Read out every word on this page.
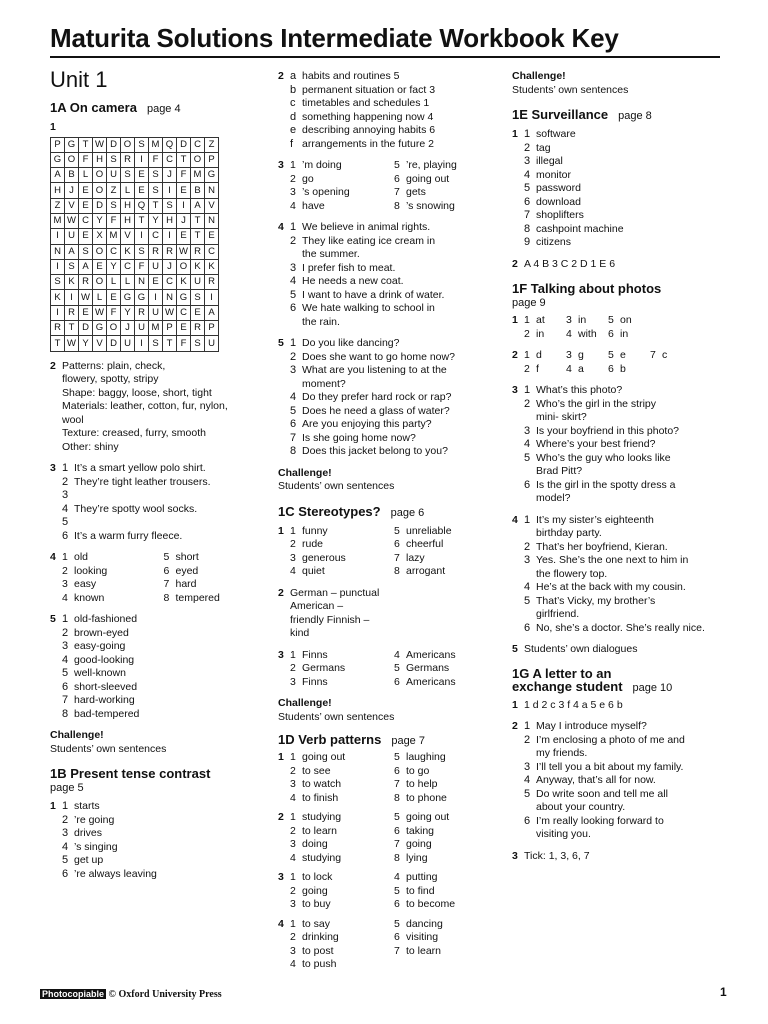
Maturita Solutions Intermediate Workbook Key
Unit 1
1A On camera page 4
1
P	G	T	W	D	O	S	M	Q	D	C	Z
G	O	F	H	S	R	I	F	C	T	O	P
A	B	L	O	U	S	E	S	J	F	M	G
H	J	E	O	Z	L	E	S	I	E	B	N
Z	V	E	D	S	H	Q	T	S	I	A	V
M	W	C	Y	F	H	T	Y	H	J	T	N
I	U	E	X	M	V	I	C	I	E	T	E
N	A	S	O	C	K	S	R	R	W	R	C
I	S	A	E	Y	C	F	U	J	O	K	K
S	K	R	O	L	L	N	E	C	K	U	R
K	I	W	L	E	G	G	I	N	G	S	I
I	R	E	W	F	Y	R	U	W	C	E	A
R	T	D	G	O	J	U	M	P	E	R	P
T	W	Y	V	D	U	I	S	T	F	S	U
2 Patterns: plain, check,
flowery, spotty, stripy
Shape: baggy, loose, short, tight
Materials: leather, cotton, fur, nylon,
wool
Texture: creased, furry, smooth
Other: shiny
3 1 It’s a smart yellow polo shirt.
2 They’re tight leather trousers.
3
4 They’re spotty wool socks.
5
6 It’s a warm furry fleece.
4 1 old	5 short
2 looking	6 eyed
3 easy	7 hard
4 known	8 tempered
5 1 old-fashioned
2 brown-eyed
3 easy-going
4 good-looking
5 well-known
6 short-sleeved
7 hard-working
8 bad-tempered
Challenge!
Students’ own sentences
1B Present tense contrast
page 5
1 1 starts
2 ’re going
3 drives
4 ’s singing
5 get up
6 ’re always leaving
2 a habits and routines 5
b permanent situation or fact 3
c timetables and schedules 1
d something happening now 4
e describing annoying habits 6
f arrangements in the future 2
3 1 ’m doing	5 ’re, playing
2 go	6 going out
3 ’s opening	7 gets
4 have	8 ’s snowing
4 1 We believe in animal rights.
2 They like eating ice cream in
the summer.
3 I prefer fish to meat.
4 He needs a new coat.
5 I want to have a drink of water.
6 We hate walking to school in
the rain.
5 1 Do you like dancing?
2 Does she want to go home now?
3 What are you listening to at the
moment?
4 Do they prefer hard rock or rap?
5 Does he need a glass of water?
6 Are you enjoying this party?
7 Is she going home now?
8 Does this jacket belong to you?
Challenge!
Students’ own sentences
1C Stereotypes? page 6
1 1 funny	5 unreliable
2 rude	6 cheerful
3 generous	7 lazy
4 quiet	8 arrogant
2 German – punctual
American –
friendly Finnish –
kind
3 1 Finns	4 Americans
2 Germans	5 Germans
3 Finns	6 Americans
Challenge!
Students’ own sentences
1D Verb patterns page 7
1 1 going out	5 laughing
2 to see	6 to go
3 to watch	7 to help
4 to finish	8 to phone
2 1 studying	5 going out
2 to learn	6 taking
3 doing	7 going
4 studying	8 lying
3 1 to lock	4 putting
2 going	5 to find
3 to buy	6 to become
4 1 to say	5 dancing
2 drinking	6 visiting
3 to post	7 to learn
4 to push
Challenge!
Students’ own sentences
1E Surveillance page 8
1 1 software
2 tag
3 illegal
4 monitor
5 password
6 download
7 shoplifters
8 cashpoint machine
9 citizens
2 A 4 B 3 C 2 D 1 E 6
1F Talking about photos
page 9
1 1 at	3 in	5 on
2 in	4 with	6 in
2 1 d	3 g	5 e	7 c
2 f	4 a	6 b
3 1 What’s this photo?
2 Who’s the girl in the stripy
mini- skirt?
3 Is your boyfriend in this photo?
4 Where’s your best friend?
5 Who’s the guy who looks like
Brad Pitt?
6 Is the girl in the spotty dress a
model?
4 1 It’s my sister’s eighteenth
birthday party.
2 That’s her boyfriend, Kieran.
3 Yes. She’s the one next to him in
the flowery top.
4 He’s at the back with my cousin.
5 That’s Vicky, my brother’s
girlfriend.
6 No, she’s a doctor. She’s really nice.
5 Students’ own dialogues
1G A letter to an
exchange student page 10
1 1 d 2 c 3 f 4 a 5 e 6 b
2 1 May I introduce myself?
2 I’m enclosing a photo of me and
my friends.
3 I’ll tell you a bit about my family.
4 Anyway, that’s all for now.
5 Do write soon and tell me all
about your country.
6 I’m really looking forward to
visiting you.
3 Tick: 1, 3, 6, 7
Photocopiable © Oxford University Press	1
